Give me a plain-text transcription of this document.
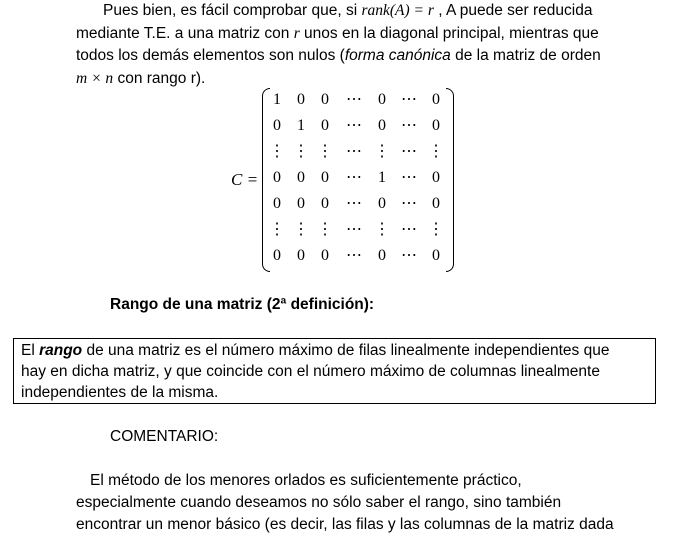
Pues bien, es fácil comprobar que, si rank(A) = r , A puede ser reducida
mediante T.E. a una matriz con r unos en la diagonal principal, mientras que
todos los demás elementos son nulos (forma canónica de la matriz de orden
m × n con rango r).
C =
1	0	0	⋯	0 ⋯ 0
0	1	0	⋯	0 ⋯ 0
⋮ ⋮ ⋮ ⋯ ⋮ ⋯ ⋮
0	0	0	⋯	1 ⋯ 0
0	0	0	⋯	0 ⋯ 0
⋮ ⋮ ⋮ ⋯ ⋮ ⋯ ⋮
0	0	0	⋯	0 ⋯ 0
Rango de una matriz (2ª definición):
El rango de una matriz es el número máximo de filas linealmente independientes que
hay en dicha matriz, y que coincide con el número máximo de columnas linealmente
independientes de la misma.
COMENTARIO:
El método de los menores orlados es suficientemente práctico,
especialmente cuando deseamos no sólo saber el rango, sino también
encontrar un menor básico (es decir, las filas y las columnas de la matriz dada
